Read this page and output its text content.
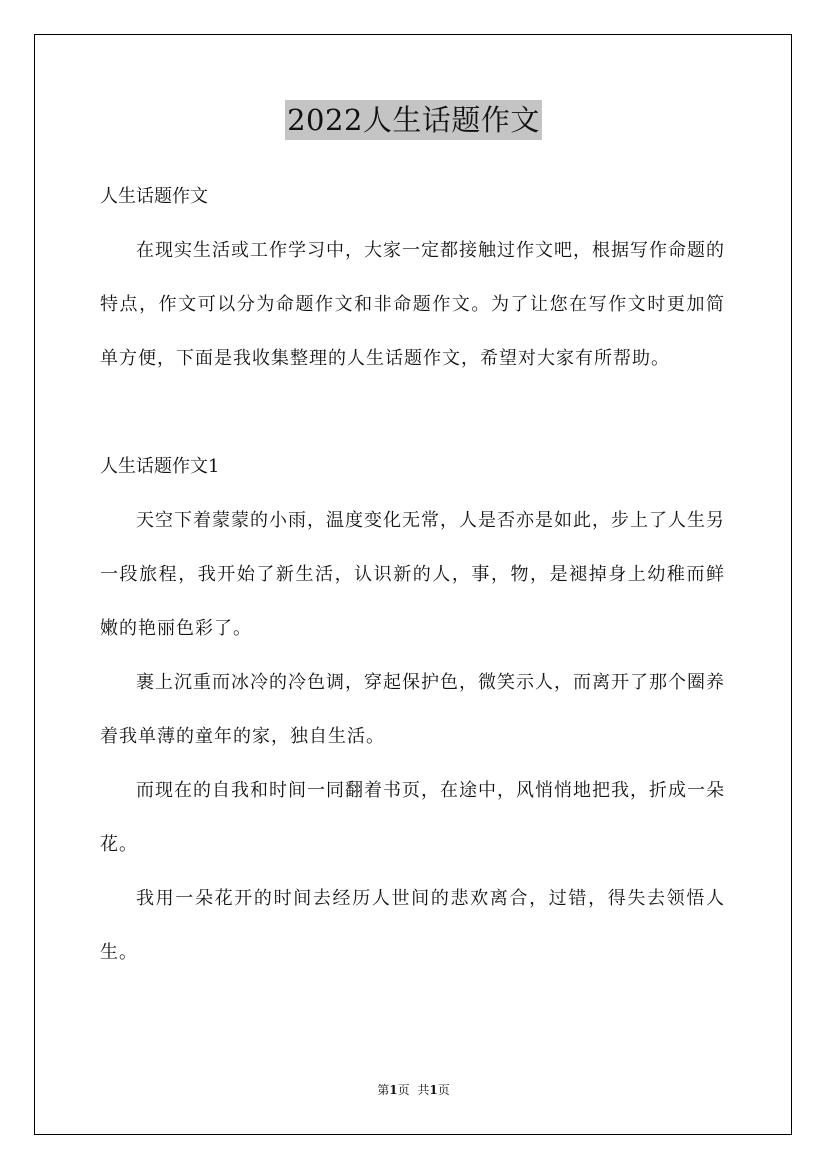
2022人生话题作文

人生话题作文

在现实生活或工作学习中，大家一定都接触过作文吧，根据写作命题的特点，作文可以分为命题作文和非命题作文。为了让您在写作文时更加简单方便，下面是我收集整理的人生话题作文，希望对大家有所帮助。

人生话题作文1

天空下着蒙蒙的小雨，温度变化无常，人是否亦是如此，步上了人生另一段旅程，我开始了新生活，认识新的人，事，物，是褪掉身上幼稚而鲜嫩的艳丽色彩了。

裹上沉重而冰冷的冷色调，穿起保护色，微笑示人，而离开了那个圈养着我单薄的童年的家，独自生活。

而现在的自我和时间一同翻着书页，在途中，风悄悄地把我，折成一朵花。

我用一朵花开的时间去经历人世间的悲欢离合，过错，得失去领悟人生。

第1页 共1页
